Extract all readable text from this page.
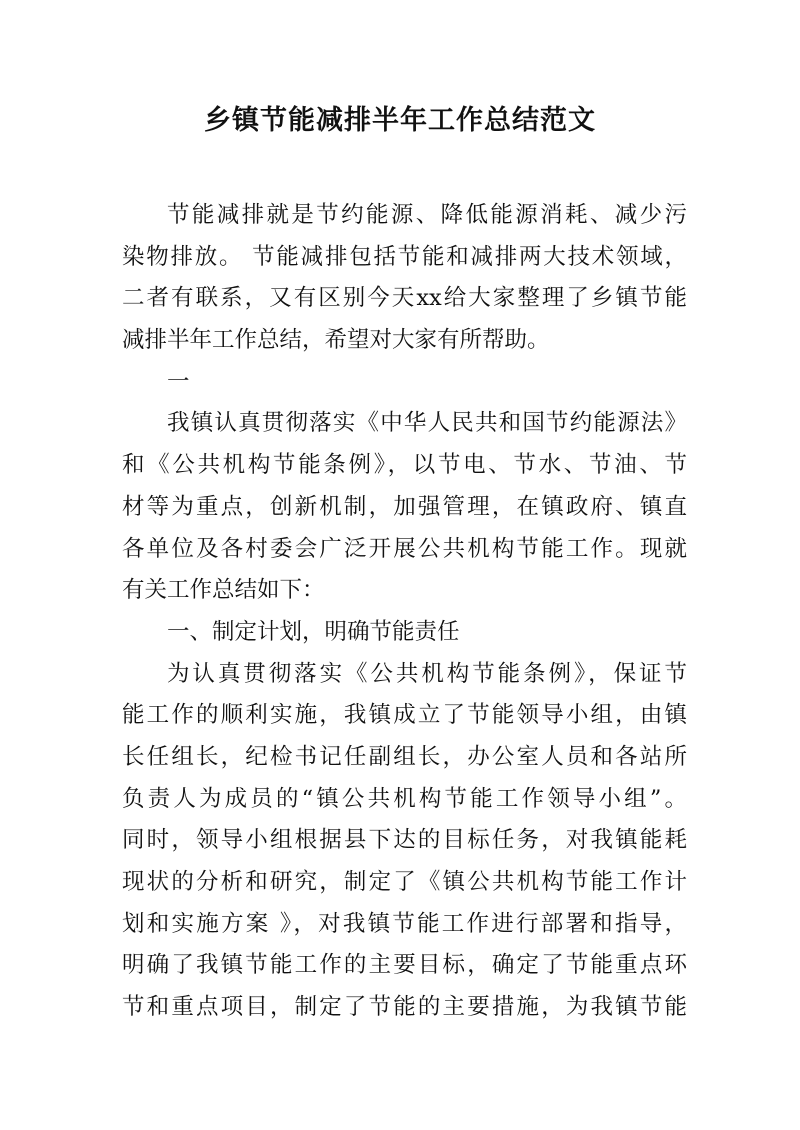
乡镇节能减排半年工作总结范文
节能减排就是节约能源、降低能源消耗、减少污
染物排放。 节能减排包括节能和减排两大技术领域，
二者有联系，又有区别今天xx给大家整理了乡镇节能
减排半年工作总结，希望对大家有所帮助。
一
我镇认真贯彻落实《中华人民共和国节约能源法》
和《公共机构节能条例》，以节电、节水、节油、节
材等为重点，创新机制，加强管理，在镇政府、镇直
各单位及各村委会广泛开展公共机构节能工作。现就
有关工作总结如下：
一、制定计划，明确节能责任
为认真贯彻落实《公共机构节能条例》，保证节
能工作的顺利实施，我镇成立了节能领导小组，由镇
长任组长，纪检书记任副组长，办公室人员和各站所
负责人为成员的“镇公共机构节能工作领导小组”。
同时，领导小组根据县下达的目标任务，对我镇能耗
现状的分析和研究，制定了《镇公共机构节能工作计
划和实施方案 》，对我镇节能工作进行部署和指导，
明确了我镇节能工作的主要目标，确定了节能重点环
节和重点项目，制定了节能的主要措施，为我镇节能
